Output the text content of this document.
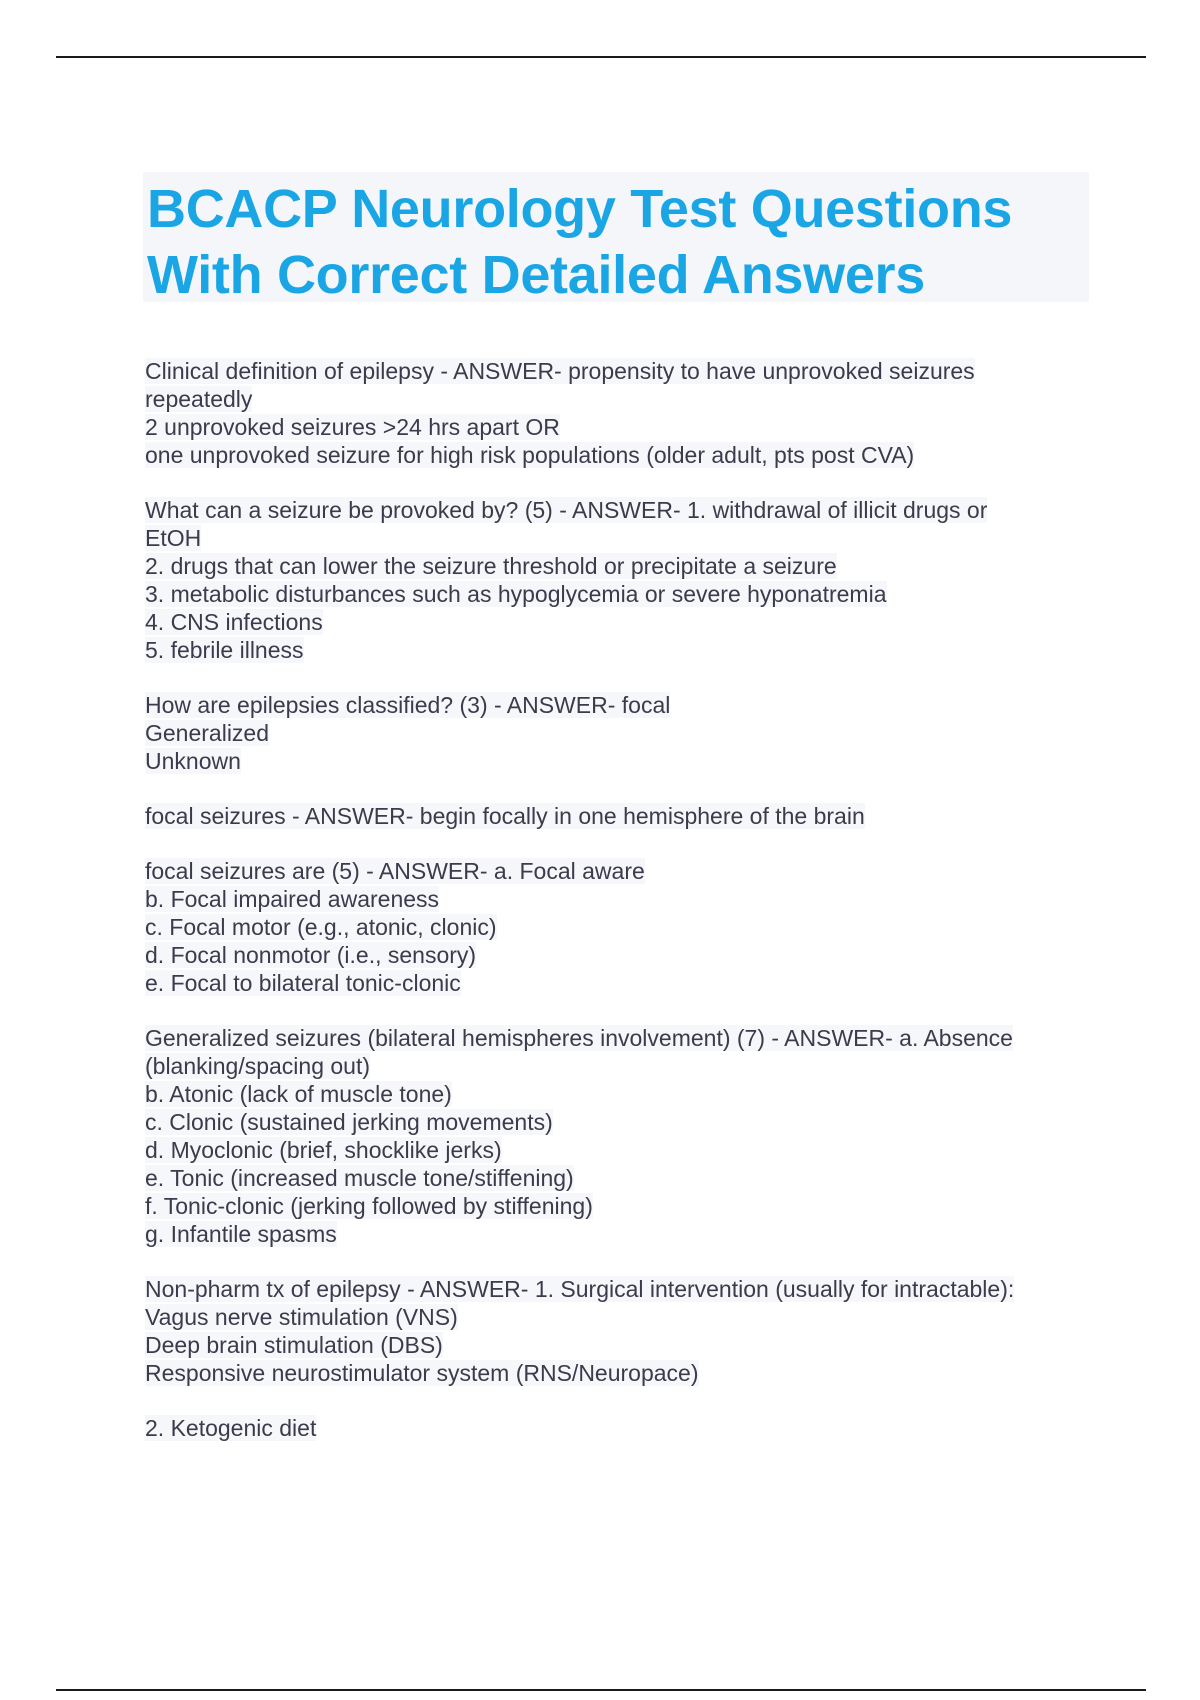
BCACP Neurology Test Questions
With Correct Detailed Answers
Clinical definition of epilepsy - ANSWER- propensity to have unprovoked seizures
repeatedly
2 unprovoked seizures >24 hrs apart OR
one unprovoked seizure for high risk populations (older adult, pts post CVA)
What can a seizure be provoked by? (5) - ANSWER- 1. withdrawal of illicit drugs or
EtOH
2. drugs that can lower the seizure threshold or precipitate a seizure
3. metabolic disturbances such as hypoglycemia or severe hyponatremia
4. CNS infections
5. febrile illness
How are epilepsies classified? (3) - ANSWER- focal
Generalized
Unknown
focal seizures - ANSWER- begin focally in one hemisphere of the brain
focal seizures are (5) - ANSWER- a. Focal aware
b. Focal impaired awareness
c. Focal motor (e.g., atonic, clonic)
d. Focal nonmotor (i.e., sensory)
e. Focal to bilateral tonic-clonic
Generalized seizures (bilateral hemispheres involvement) (7) - ANSWER- a. Absence
(blanking/spacing out)
b. Atonic (lack of muscle tone)
c. Clonic (sustained jerking movements)
d. Myoclonic (brief, shocklike jerks)
e. Tonic (increased muscle tone/stiffening)
f. Tonic-clonic (jerking followed by stiffening)
g. Infantile spasms
Non-pharm tx of epilepsy - ANSWER- 1. Surgical intervention (usually for intractable):
Vagus nerve stimulation (VNS)
Deep brain stimulation (DBS)
Responsive neurostimulator system (RNS/Neuropace)
2. Ketogenic diet
